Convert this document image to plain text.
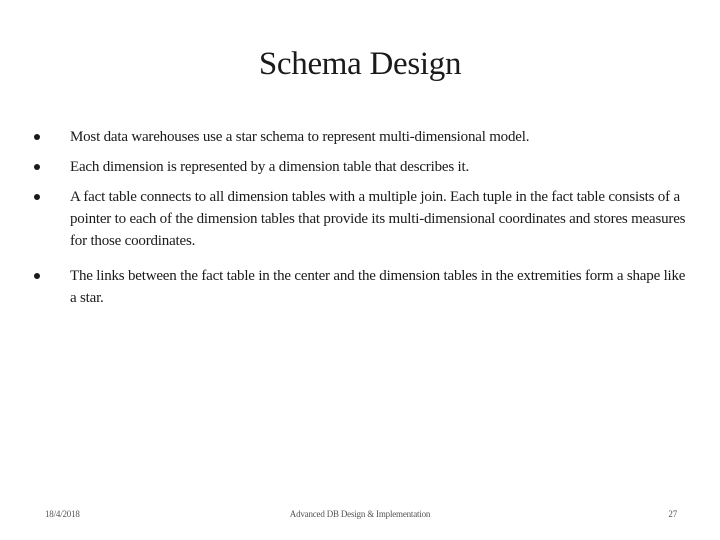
Schema Design
Most data warehouses use a star schema to represent multi-dimensional model.
Each dimension is represented by a dimension table that describes it.
A fact table connects to all dimension tables with a multiple join. Each tuple in the fact table consists of a pointer to each of the dimension tables that provide its multi-dimensional coordinates and stores measures for those coordinates.
The links between the fact table in the center and the dimension tables in the extremities form a shape like a star.
18/4/2018	Advanced DB Design & Implementation	27
